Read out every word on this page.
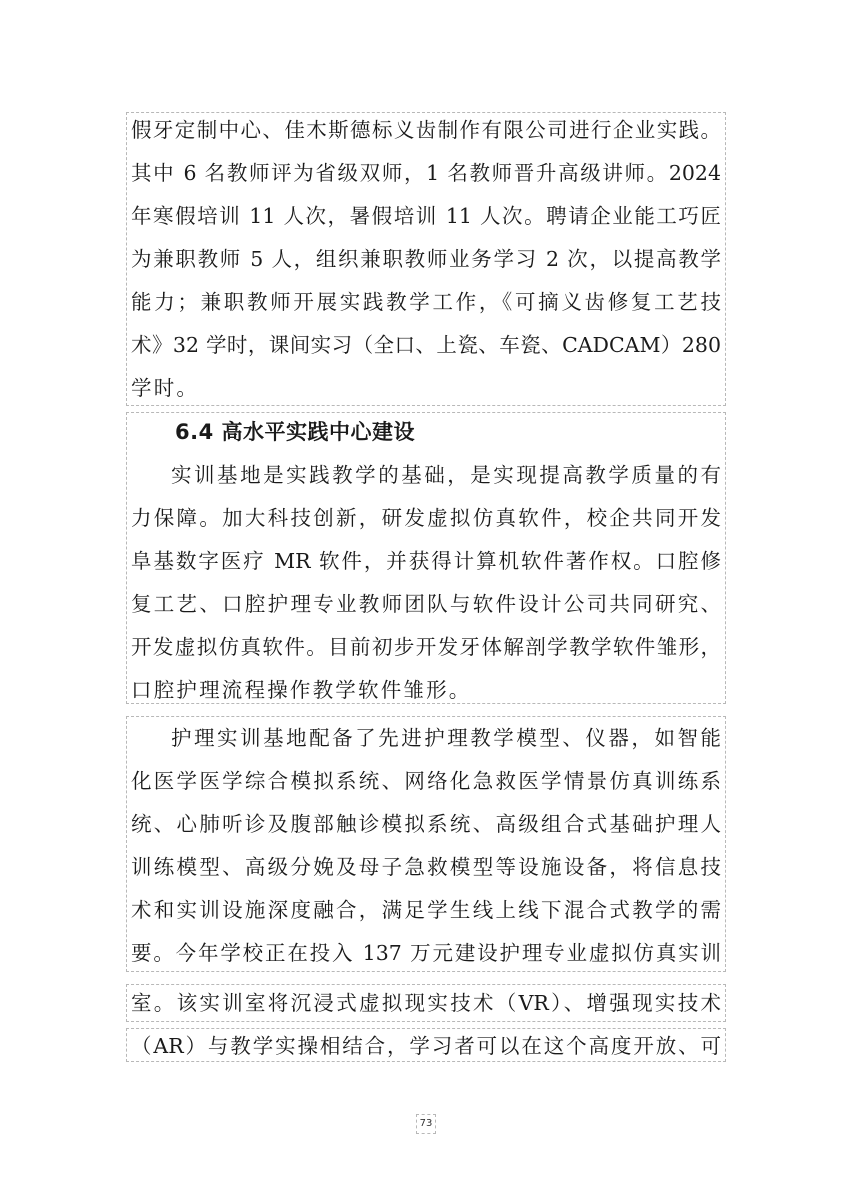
假牙定制中心、佳木斯德标义齿制作有限公司进行企业实践。
其中 6 名教师评为省级双师，1 名教师晋升高级讲师。2024
年寒假培训 11 人次，暑假培训 11 人次。聘请企业能工巧匠
为兼职教师 5 人，组织兼职教师业务学习 2 次，以提高教学
能力；兼职教师开展实践教学工作，《可摘义齿修复工艺技
术》32 学时，课间实习（全口、上瓷、车瓷、CADCAM）280
学时。
6.4 高水平实践中心建设
实训基地是实践教学的基础，是实现提高教学质量的有
力保障。加大科技创新，研发虚拟仿真软件，校企共同开发
阜基数字医疗 MR 软件，并获得计算机软件著作权。口腔修
复工艺、口腔护理专业教师团队与软件设计公司共同研究、
开发虚拟仿真软件。目前初步开发牙体解剖学教学软件雏形，
口腔护理流程操作教学软件雏形。
护理实训基地配备了先进护理教学模型、仪器，如智能
化医学医学综合模拟系统、网络化急救医学情景仿真训练系
统、心肺听诊及腹部触诊模拟系统、高级组合式基础护理人
训练模型、高级分娩及母子急救模型等设施设备，将信息技
术和实训设施深度融合，满足学生线上线下混合式教学的需
要。今年学校正在投入 137 万元建设护理专业虚拟仿真实训
室。该实训室将沉浸式虚拟现实技术（VR）、增强现实技术
（AR）与教学实操相结合，学习者可以在这个高度开放、可
73
